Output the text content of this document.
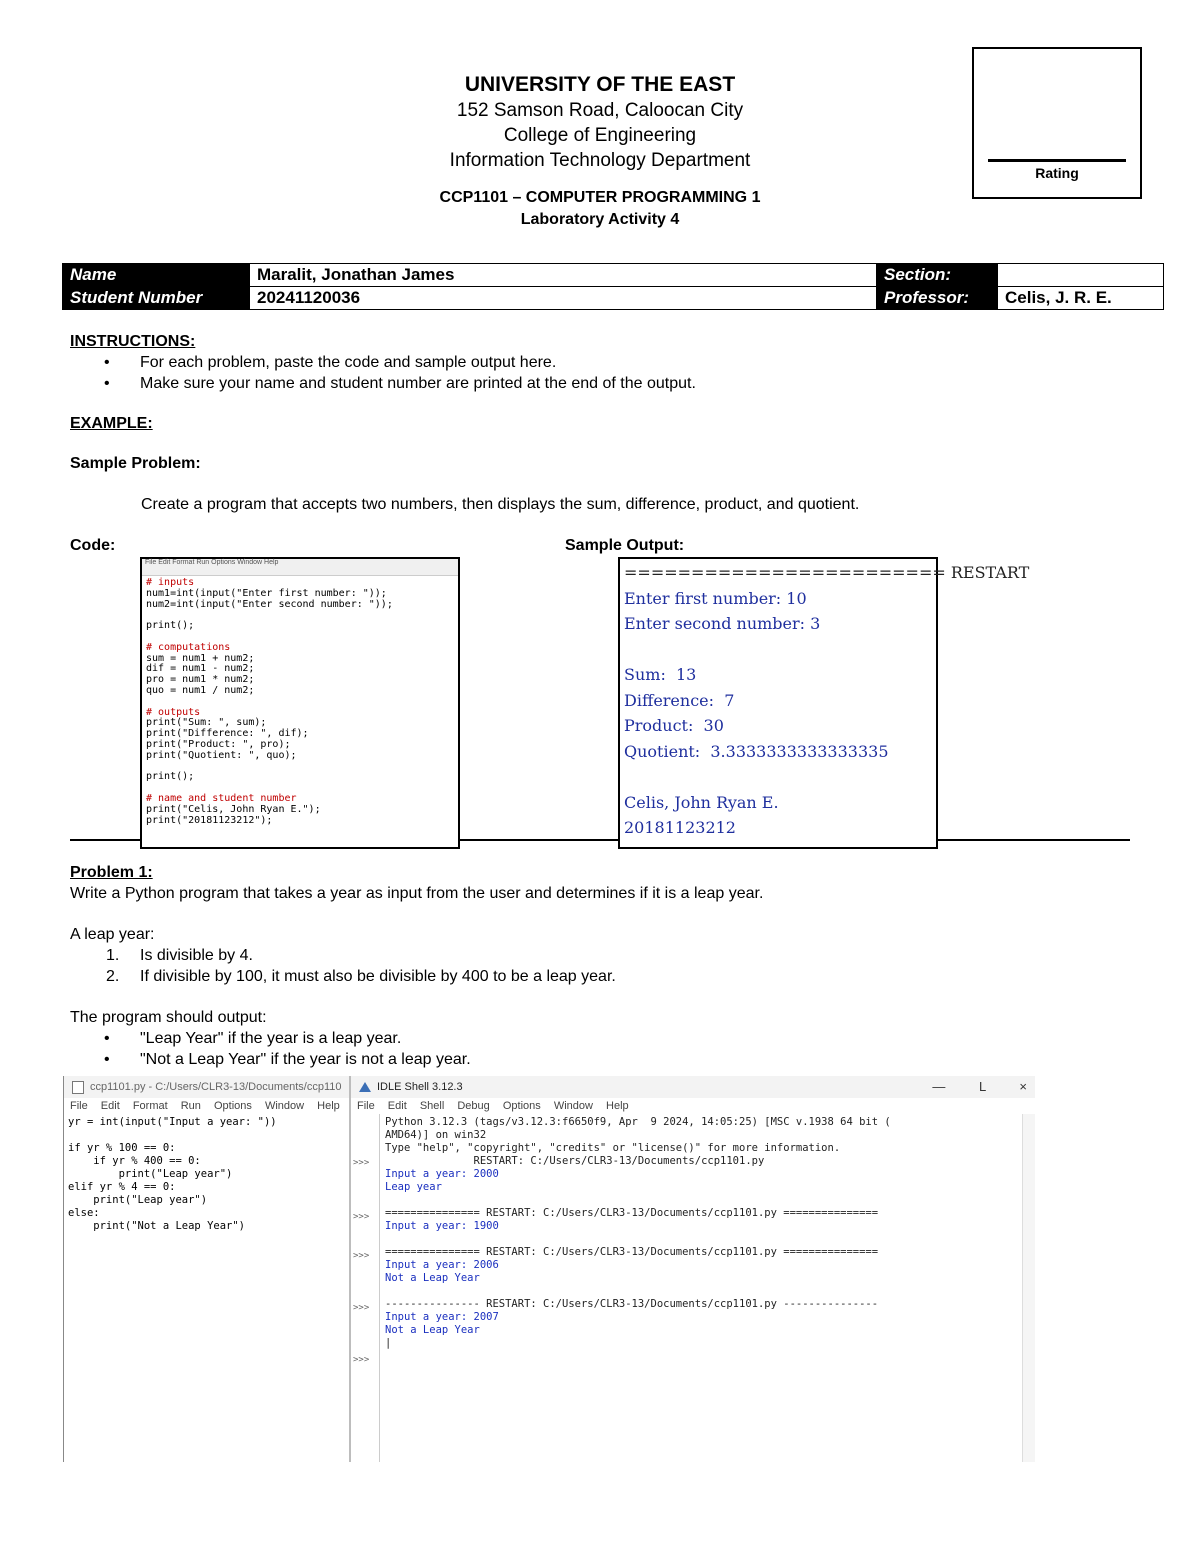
UNIVERSITY OF THE EAST
152 Samson Road, Caloocan City
College of Engineering
Information Technology Department
CCP1101 – COMPUTER PROGRAMMING 1
Laboratory Activity 4
Rating
Name	Maralit, Jonathan James	Section:	
Student Number	20241120036	Professor:	Celis, J. R. E.
INSTRUCTIONS:
• For each problem, paste the code and sample output here.
• Make sure your name and student number are printed at the end of the output.
EXAMPLE:
Sample Problem:
Create a program that accepts two numbers, then displays the sum, difference, product, and quotient.
Code:	Sample Output:
File Edit Format Run Options Window Help
# inputs
num1=int(input("Enter first number: "));
num2=int(input("Enter second number: "));

print();

# computations
sum = num1 + num2;
dif = num1 - num2;
pro = num1 * num2;
quo = num1 / num2;

# outputs
print("Sum: ", sum);
print("Difference: ", dif);
print("Product: ", pro);
print("Quotient: ", quo);

print();

# name and student number
print("Celis, John Ryan E.");
print("20181123212");
======================== RESTART
Enter first number: 10
Enter second number: 3

Sum:  13
Difference:  7
Product:  30
Quotient:  3.3333333333333335

Celis, John Ryan E.
20181123212
Problem 1:
Write a Python program that takes a year as input from the user and determines if it is a leap year.
A leap year:
1. Is divisible by 4.
2. If divisible by 100, it must also be divisible by 400 to be a leap year.
The program should output:
• "Leap Year" if the year is a leap year.
• "Not a Leap Year" if the year is not a leap year.
ccp1101.py - C:/Users/CLR3-13/Documents/ccp110
File Edit Format Run Options Window Help
yr = int(input("Input a year: "))

if yr % 100 == 0:
if yr % 400 == 0:
print("Leap year")
elif yr % 4 == 0:
print("Leap year")
else:
print("Not a Leap Year")
IDLE Shell 3.12.3	—	L	×
File Edit Shell Debug Options Window Help
>>>
>>>
>>>
>>>
>>>
Python 3.12.3 (tags/v3.12.3:f6650f9, Apr  9 2024, 14:05:25) [MSC v.1938 64 bit (
AMD64)] on win32
Type "help", "copyright", "credits" or "license()" for more information.
RESTART: C:/Users/CLR3-13/Documents/ccp1101.py
Input a year: 2000
Leap year

=============== RESTART: C:/Users/CLR3-13/Documents/ccp1101.py ===============
Input a year: 1900

=============== RESTART: C:/Users/CLR3-13/Documents/ccp1101.py ===============
Input a year: 2006
Not a Leap Year

--------------- RESTART: C:/Users/CLR3-13/Documents/ccp1101.py ---------------
Input a year: 2007
Not a Leap Year
|
